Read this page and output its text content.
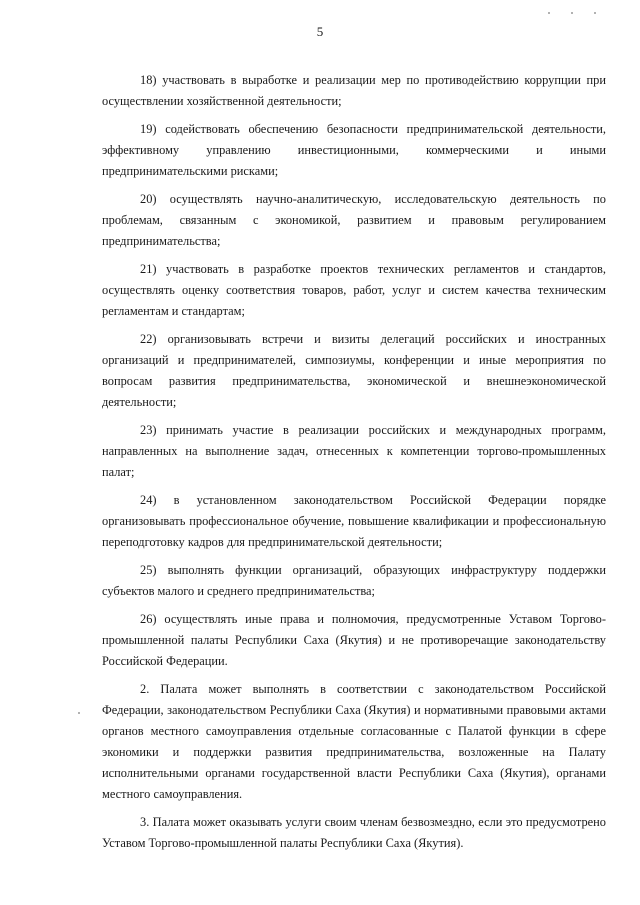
5

18) участвовать в выработке и реализации мер по противодействию коррупции при осуществлении хозяйственной деятельности;

19) содействовать обеспечению безопасности предпринимательской деятельности, эффективному управлению инвестиционными, коммерческими и иными предпринимательскими рисками;

20) осуществлять научно-аналитическую, исследовательскую деятельность по проблемам, связанным с экономикой, развитием и правовым регулированием предпринимательства;

21) участвовать в разработке проектов технических регламентов и стандартов, осуществлять оценку соответствия товаров, работ, услуг и систем качества техническим регламентам и стандартам;

22) организовывать встречи и визиты делегаций российских и иностранных организаций и предпринимателей, симпозиумы, конференции и иные мероприятия по вопросам развития предпринимательства, экономической и внешнеэкономической деятельности;

23) принимать участие в реализации российских и международных программ, направленных на выполнение задач, отнесенных к компетенции торгово-промышленных палат;

24) в установленном законодательством Российской Федерации порядке организовывать профессиональное обучение, повышение квалификации и профессиональную переподготовку кадров для предпринимательской деятельности;

25) выполнять функции организаций, образующих инфраструктуру поддержки субъектов малого и среднего предпринимательства;

26) осуществлять иные права и полномочия, предусмотренные Уставом Торгово-промышленной палаты Республики Саха (Якутия) и не противоречащие законодательству Российской Федерации.

2. Палата может выполнять в соответствии с законодательством Российской Федерации, законодательством Республики Саха (Якутия) и нормативными правовыми актами органов местного самоуправления отдельные согласованные с Палатой функции в сфере экономики и поддержки развития предпринимательства, возложенные на Палату исполнительными органами государственной власти Республики Саха (Якутия), органами местного самоуправления.

3. Палата может оказывать услуги своим членам безвозмездно, если это предусмотрено Уставом Торгово-промышленной палаты Республики Саха (Якутия).
